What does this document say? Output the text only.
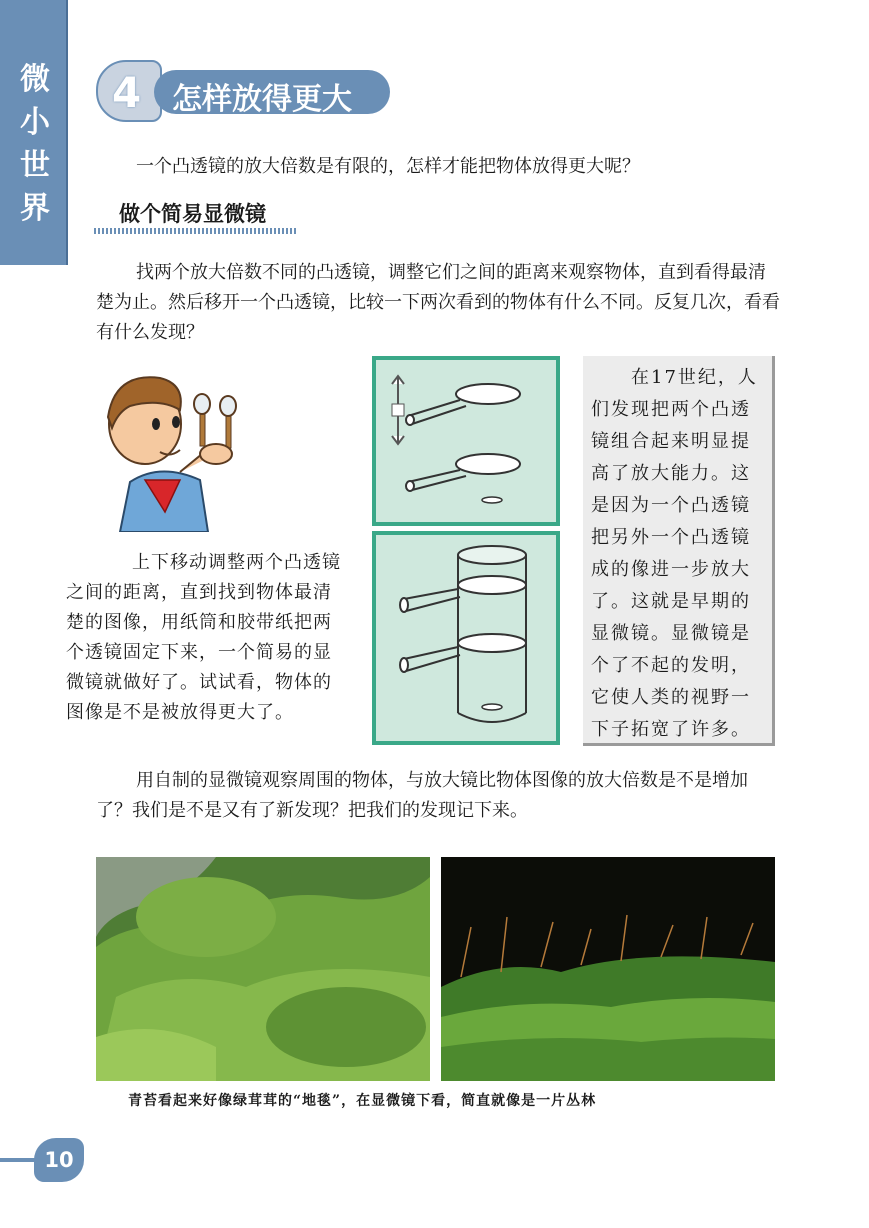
微小世界
4 怎样放得更大
一个凸透镜的放大倍数是有限的，怎样才能把物体放得更大呢？
做个简易显微镜
找两个放大倍数不同的凸透镜，调整它们之间的距离来观察物体，直到看得最清楚为止。然后移开一个凸透镜，比较一下两次看到的物体有什么不同。反复几次，看看有什么发现？
上下移动调整两个凸透镜之间的距离，直到找到物体最清楚的图像，用纸筒和胶带纸把两个透镜固定下来，一个简易的显微镜就做好了。试试看，物体的图像是不是被放得更大了。
在17世纪，人们发现把两个凸透镜组合起来明显提高了放大能力。这是因为一个凸透镜把另外一个凸透镜成的像进一步放大了。这就是早期的显微镜。显微镜是个了不起的发明，它使人类的视野一下子拓宽了许多。
用自制的显微镜观察周围的物体，与放大镜比物体图像的放大倍数是不是增加了？我们是不是又有了新发现？把我们的发现记下来。
青苔看起来好像绿茸茸的“地毯”，在显微镜下看，简直就像是一片丛林
10
